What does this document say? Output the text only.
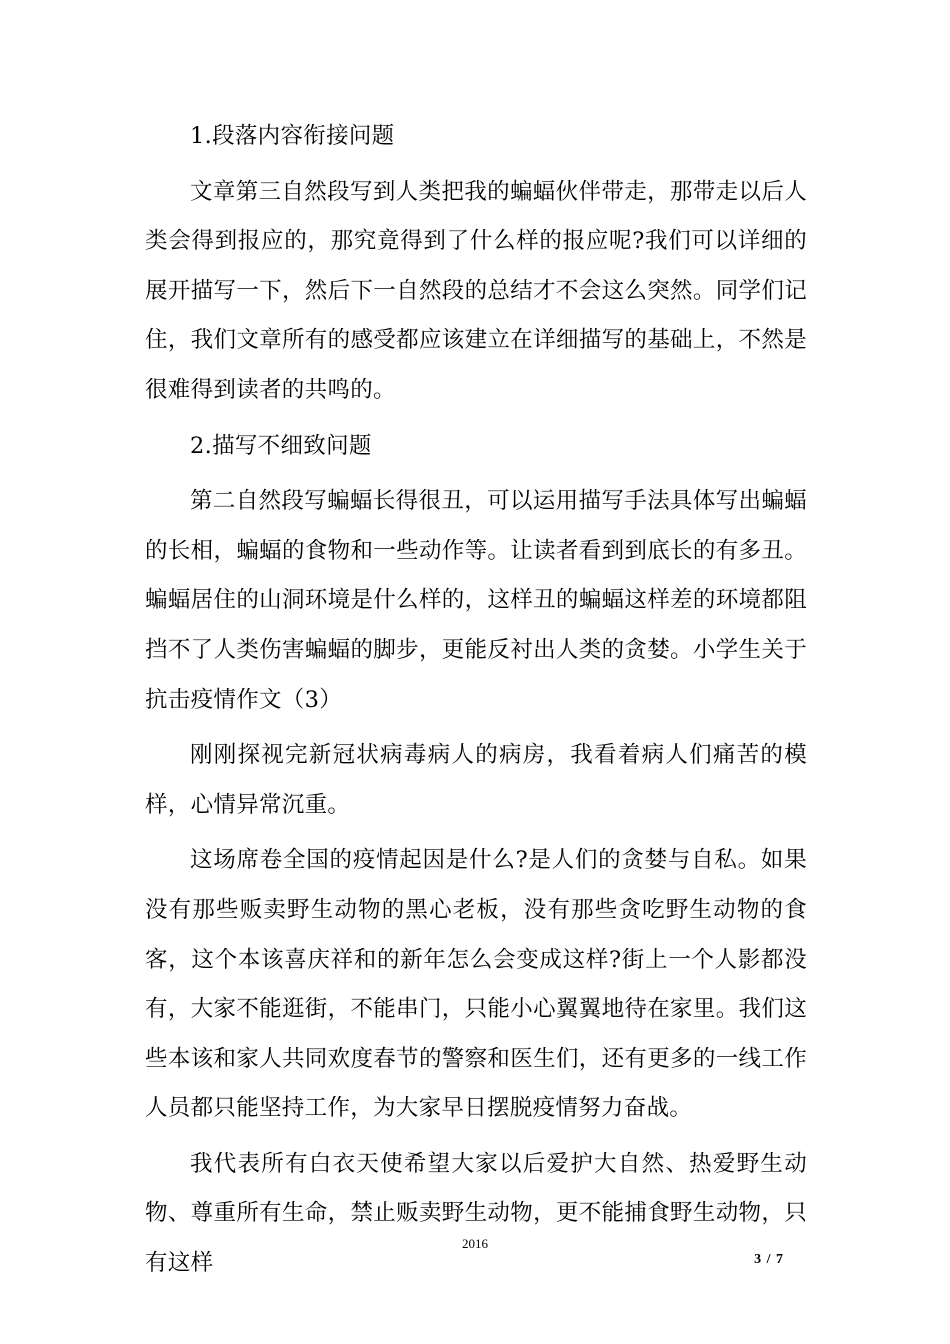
1.段落内容衔接问题

文章第三自然段写到人类把我的蝙蝠伙伴带走，那带走以后人类会得到报应的，那究竟得到了什么样的报应呢?我们可以详细的展开描写一下，然后下一自然段的总结才不会这么突然。同学们记住，我们文章所有的感受都应该建立在详细描写的基础上，不然是很难得到读者的共鸣的。

2.描写不细致问题

第二自然段写蝙蝠长得很丑，可以运用描写手法具体写出蝙蝠的长相，蝙蝠的食物和一些动作等。让读者看到到底长的有多丑。蝙蝠居住的山洞环境是什么样的，这样丑的蝙蝠这样差的环境都阻挡不了人类伤害蝙蝠的脚步，更能反衬出人类的贪婪。小学生关于抗击疫情作文（3）

刚刚探视完新冠状病毒病人的病房，我看着病人们痛苦的模样，心情异常沉重。

这场席卷全国的疫情起因是什么?是人们的贪婪与自私。如果没有那些贩卖野生动物的黑心老板，没有那些贪吃野生动物的食客，这个本该喜庆祥和的新年怎么会变成这样?街上一个人影都没有，大家不能逛街，不能串门，只能小心翼翼地待在家里。我们这些本该和家人共同欢度春节的警察和医生们，还有更多的一线工作人员都只能坚持工作，为大家早日摆脱疫情努力奋战。

我代表所有白衣天使希望大家以后爱护大自然、热爱野生动物、尊重所有生命，禁止贩卖野生动物，更不能捕食野生动物，只有这样

2016
3 / 7
